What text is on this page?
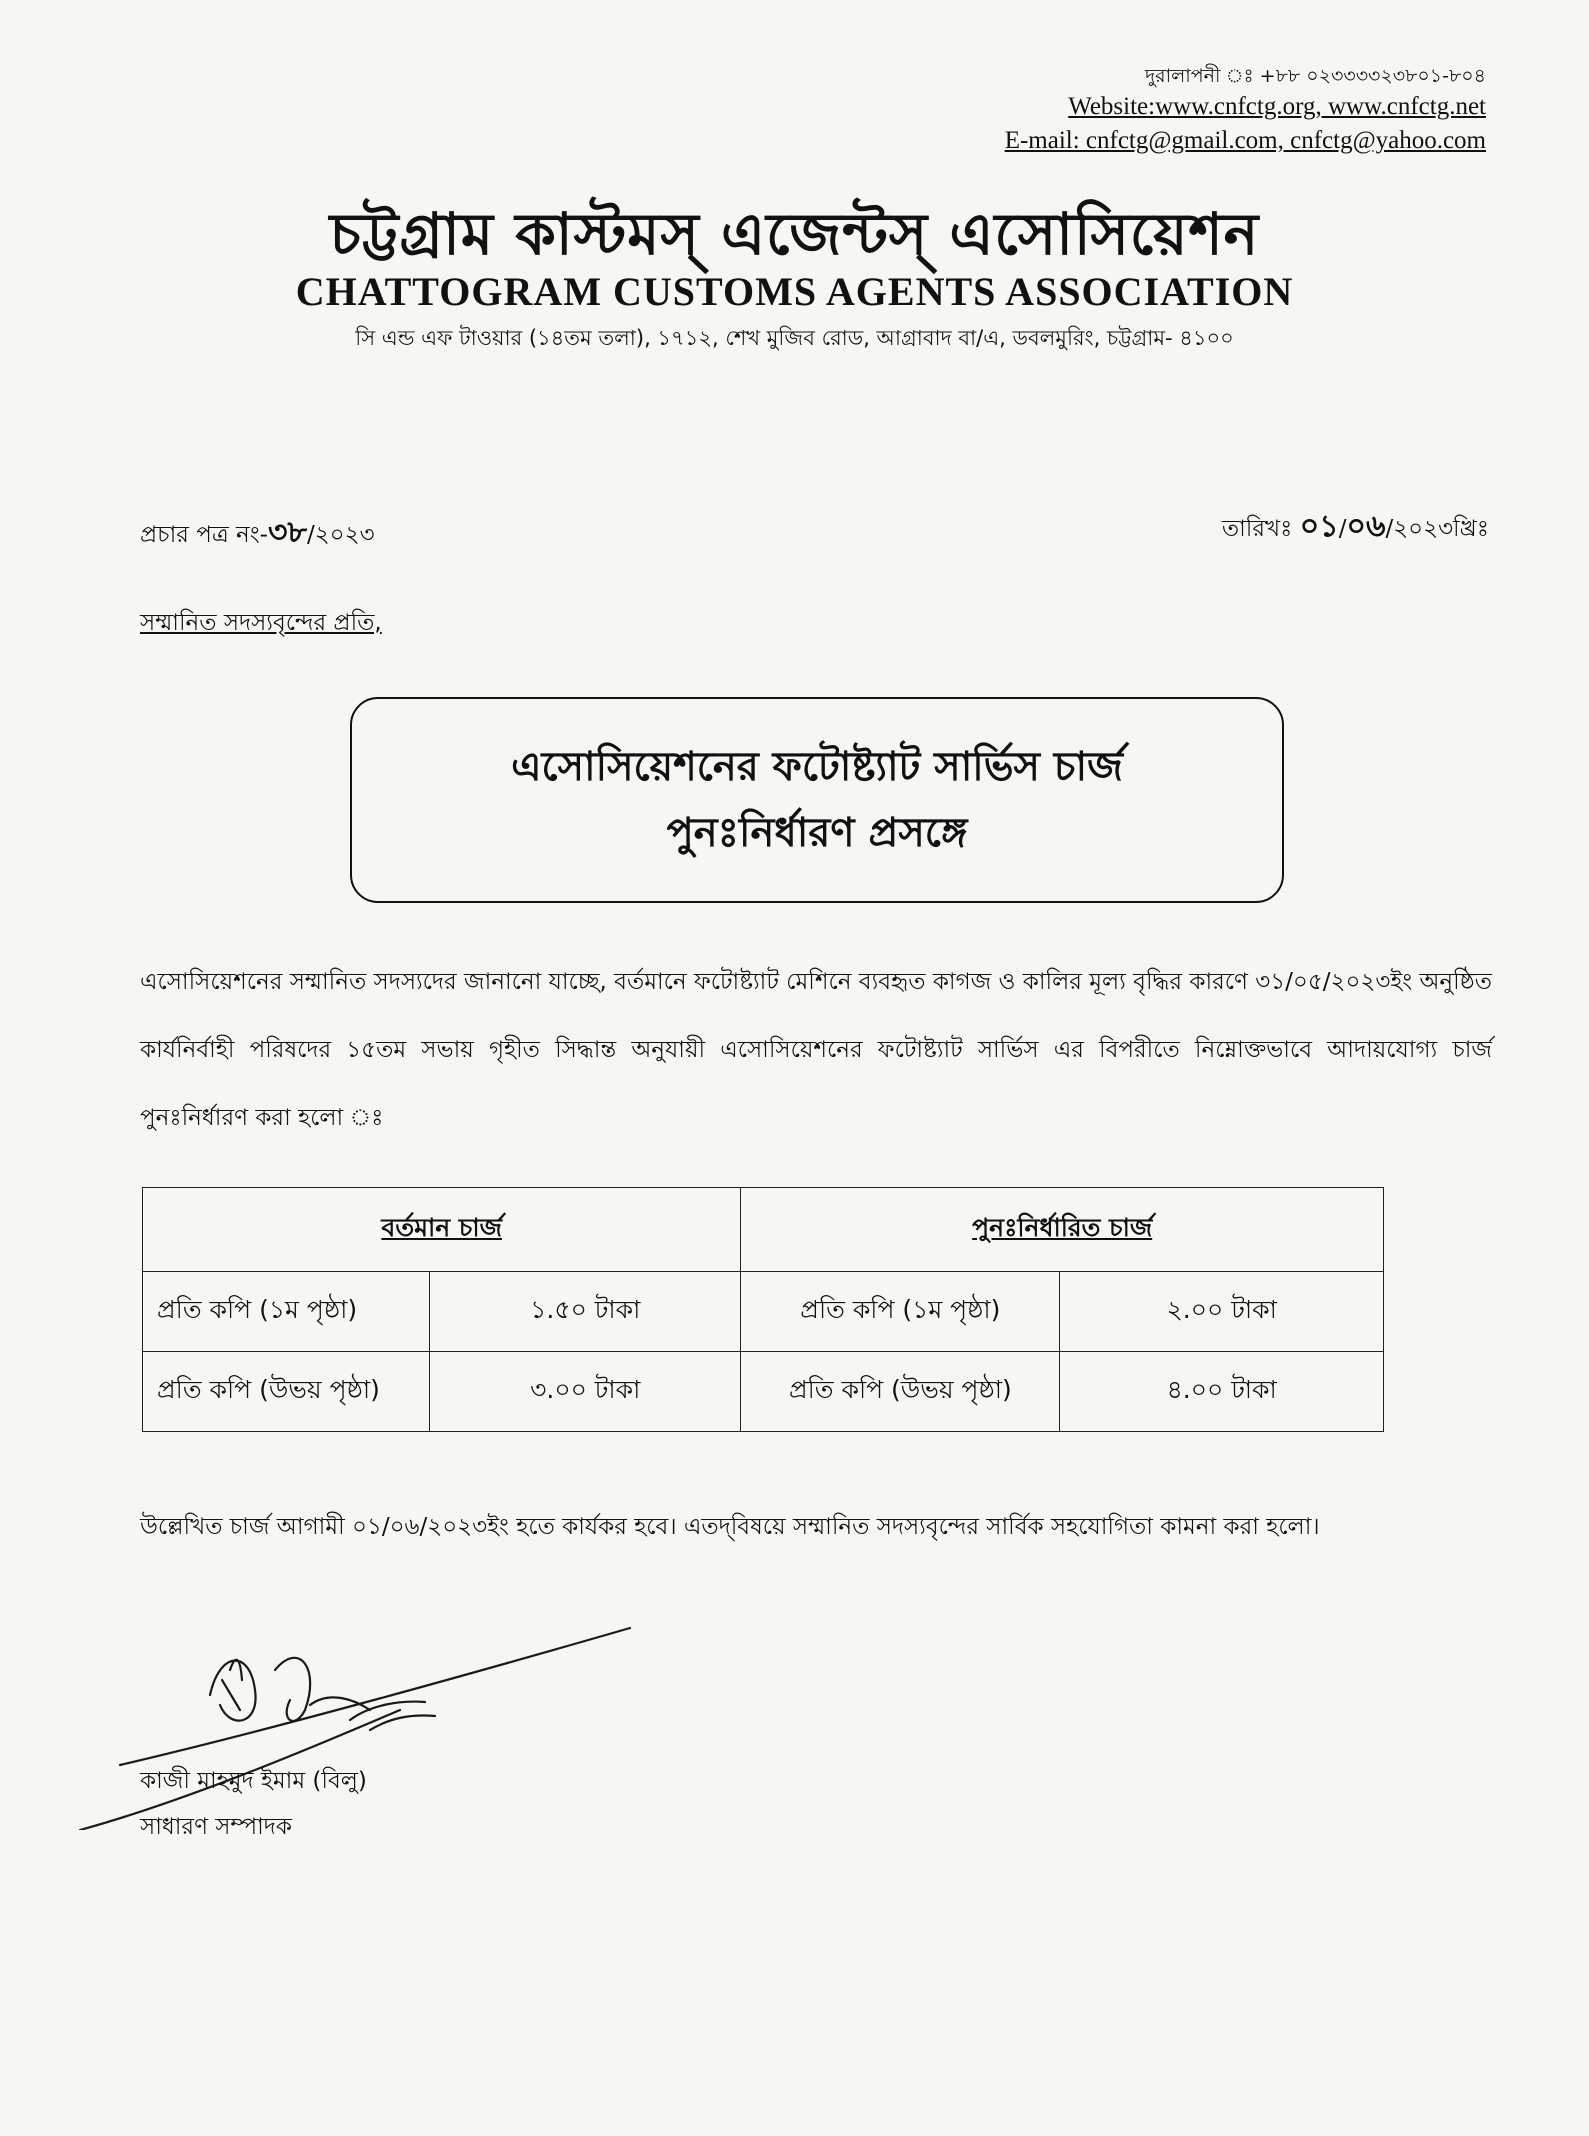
দুরালাপনী ঃ +৮৮ ০২৩৩৩৩২৩৮০১-৮০৪
Website:www.cnfctg.org, www.cnfctg.net
E-mail: cnfctg@gmail.com, cnfctg@yahoo.com
চট্টগ্রাম কাস্টমস্ এজেন্টস্ এসোসিয়েশন
CHATTOGRAM CUSTOMS AGENTS ASSOCIATION
সি এন্ড এফ টাওয়ার (১৪তম তলা), ১৭১২, শেখ মুজিব রোড, আগ্রাবাদ বা/এ, ডবলমুরিং, চট্টগ্রাম- ৪১০০
প্রচার পত্র নং-৩৮/২০২৩	তারিখঃ ০১/০৬/২০২৩খ্রিঃ
সম্মানিত সদস্যবৃন্দের প্রতি,
এসোসিয়েশনের ফটোষ্ট্যাট সার্ভিস চার্জ
পুনঃনির্ধারণ প্রসঙ্গে
এসোসিয়েশনের সম্মানিত সদস্যদের জানানো যাচ্ছে, বর্তমানে ফটোষ্ট্যাট মেশিনে ব্যবহৃত কাগজ ও কালির মূল্য বৃদ্ধির কারণে ৩১/০৫/২০২৩ইং অনুষ্ঠিত কার্যনির্বাহী পরিষদের ১৫তম সভায় গৃহীত সিদ্ধান্ত অনুযায়ী এসোসিয়েশনের ফটোষ্ট্যাট সার্ভিস এর বিপরীতে নিম্নোক্তভাবে আদায়যোগ্য চার্জ পুনঃনির্ধারণ করা হলো ঃ
বর্তমান চার্জ		পুনঃনির্ধারিত চার্জ	
প্রতি কপি (১ম পৃষ্ঠা)	১.৫০ টাকা	প্রতি কপি (১ম পৃষ্ঠা)	২.০০ টাকা
প্রতি কপি (উভয় পৃষ্ঠা)	৩.০০ টাকা	প্রতি কপি (উভয় পৃষ্ঠা)	৪.০০ টাকা
উল্লেখিত চার্জ আগামী ০১/০৬/২০২৩ইং হতে কার্যকর হবে। এতদ্‌বিষয়ে সম্মানিত সদস্যবৃন্দের সার্বিক সহযোগিতা কামনা করা হলো।
কাজী মাহমুদ ইমাম (বিলু)
সাধারণ সম্পাদক
